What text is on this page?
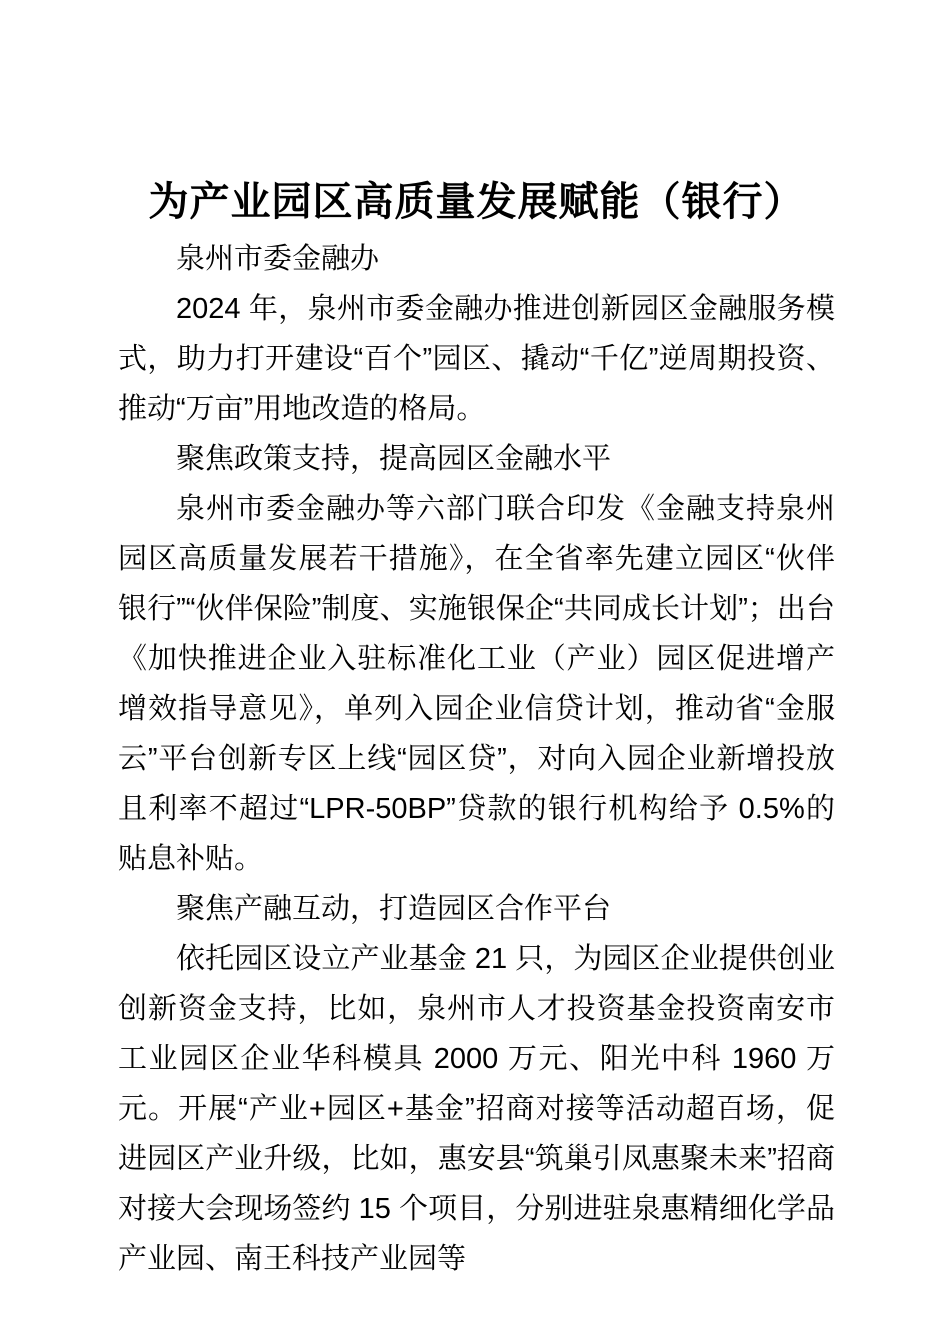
为产业园区高质量发展赋能（银行）
泉州市委金融办

2024 年，泉州市委金融办推进创新园区金融服务模式，助力打开建设“百个”园区、撬动“千亿”逆周期投资、推动“万亩”用地改造的格局。

聚焦政策支持，提高园区金融水平

泉州市委金融办等六部门联合印发《金融支持泉州园区高质量发展若干措施》，在全省率先建立园区“伙伴银行”“伙伴保险”制度、实施银保企“共同成长计划”；出台《加快推进企业入驻标准化工业（产业）园区促进增产增效指导意见》，单列入园企业信贷计划，推动省“金服云”平台创新专区上线“园区贷”，对向入园企业新增投放且利率不超过“LPR-50BP”贷款的银行机构给予 0.5%的贴息补贴。

聚焦产融互动，打造园区合作平台

依托园区设立产业基金 21 只，为园区企业提供创业创新资金支持，比如，泉州市人才投资基金投资南安市工业园区企业华科模具 2000 万元、阳光中科 1960 万元。开展“产业+园区+基金”招商对接等活动超百场，促进园区产业升级，比如，惠安县“筑巢引凤惠聚未来”招商对接大会现场签约 15 个项目，分别进驻泉惠精细化学品产业园、南王科技产业园等
